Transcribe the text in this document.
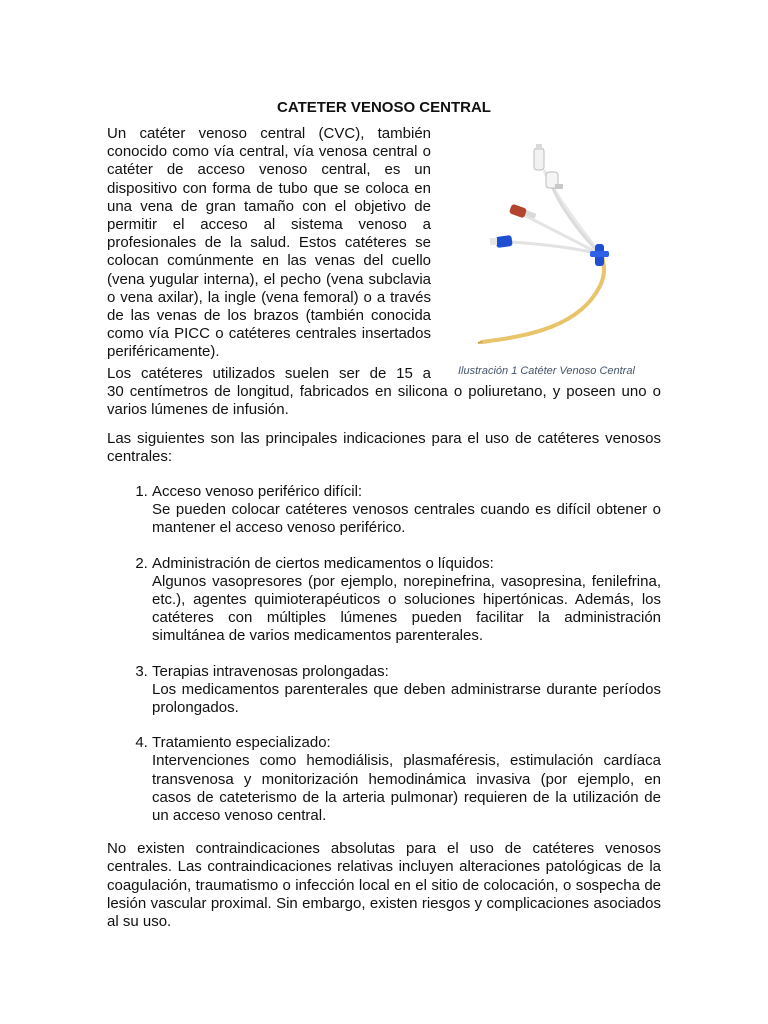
CATETER VENOSO CENTRAL

Un catéter venoso central (CVC), también conocido como vía central, vía venosa central o catéter de acceso venoso central, es un dispositivo con forma de tubo que se coloca en una vena de gran tamaño con el objetivo de permitir el acceso al sistema venoso a profesionales de la salud. Estos catéteres se colocan comúnmente en las venas del cuello (vena yugular interna), el pecho (vena subclavia o vena axilar), la ingle (vena femoral) o a través de las venas de los brazos (también conocida como vía PICC o catéteres centrales insertados periféricamente).

Ilustración 1 Catéter Venoso Central

Los catéteres utilizados suelen ser de 15 a
30 centímetros de longitud, fabricados en silicona o poliuretano, y poseen uno o varios lúmenes de infusión.

Las siguientes son las principales indicaciones para el uso de catéteres venosos centrales:

1. Acceso venoso periférico difícil:
Se pueden colocar catéteres venosos centrales cuando es difícil obtener o mantener el acceso venoso periférico.
2. Administración de ciertos medicamentos o líquidos:
Algunos vasopresores (por ejemplo, norepinefrina, vasopresina, fenilefrina, etc.), agentes quimioterapéuticos o soluciones hipertónicas. Además, los catéteres con múltiples lúmenes pueden facilitar la administración simultánea de varios medicamentos parenterales.
3. Terapias intravenosas prolongadas:
Los medicamentos parenterales que deben administrarse durante períodos prolongados.
4. Tratamiento especializado:
Intervenciones como hemodiálisis, plasmaféresis, estimulación cardíaca transvenosa y monitorización hemodinámica invasiva (por ejemplo, en casos de cateterismo de la arteria pulmonar) requieren de la utilización de un acceso venoso central.

No existen contraindicaciones absolutas para el uso de catéteres venosos centrales. Las contraindicaciones relativas incluyen alteraciones patológicas de la coagulación, traumatismo o infección local en el sitio de colocación, o sospecha de lesión vascular proximal. Sin embargo, existen riesgos y complicaciones asociados al su uso.
